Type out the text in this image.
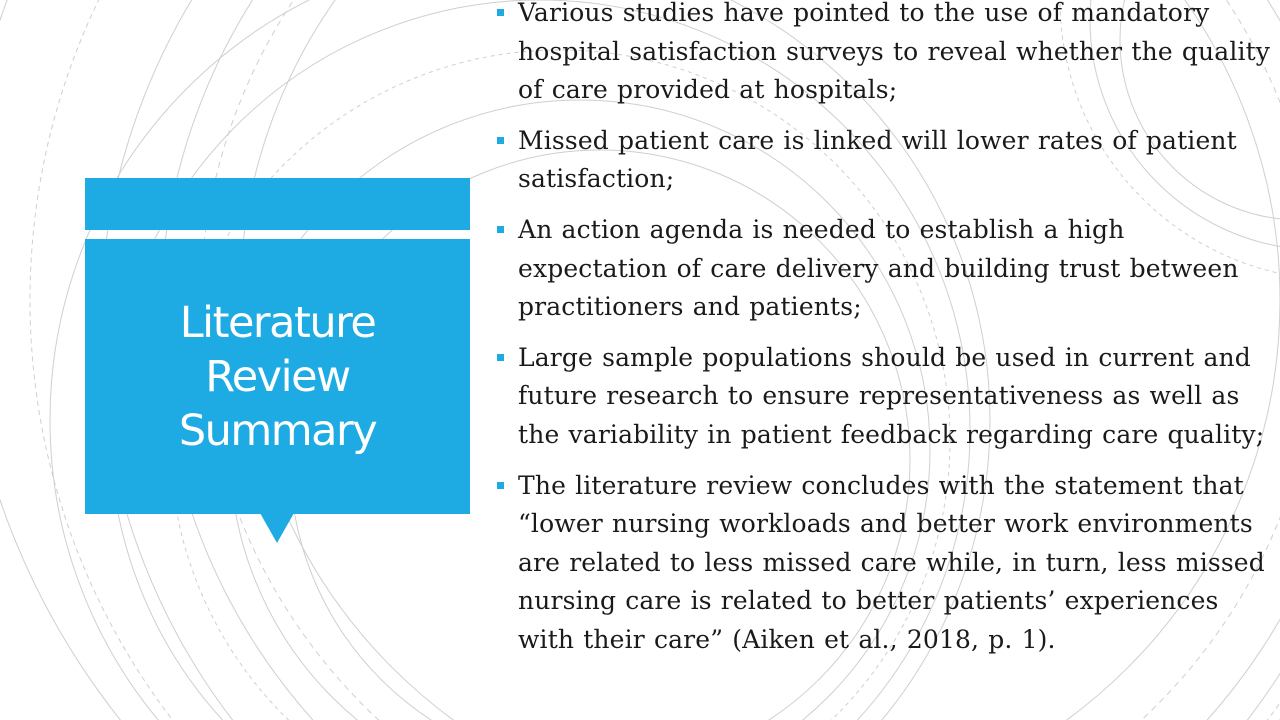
Literature Review Summary
Various studies have pointed to the use of mandatory hospital satisfaction surveys to reveal whether the quality of care provided at hospitals;
Missed patient care is linked will lower rates of patient satisfaction;
An action agenda is needed to establish a high expectation of care delivery and building trust between practitioners and patients;
Large sample populations should be used in current and future research to ensure representativeness as well as the variability in patient feedback regarding care quality;
The literature review concludes with the statement that “lower nursing workloads and better work environments are related to less missed care while, in turn, less missed nursing care is related to better patients’ experiences with their care” (Aiken et al., 2018, p. 1).
